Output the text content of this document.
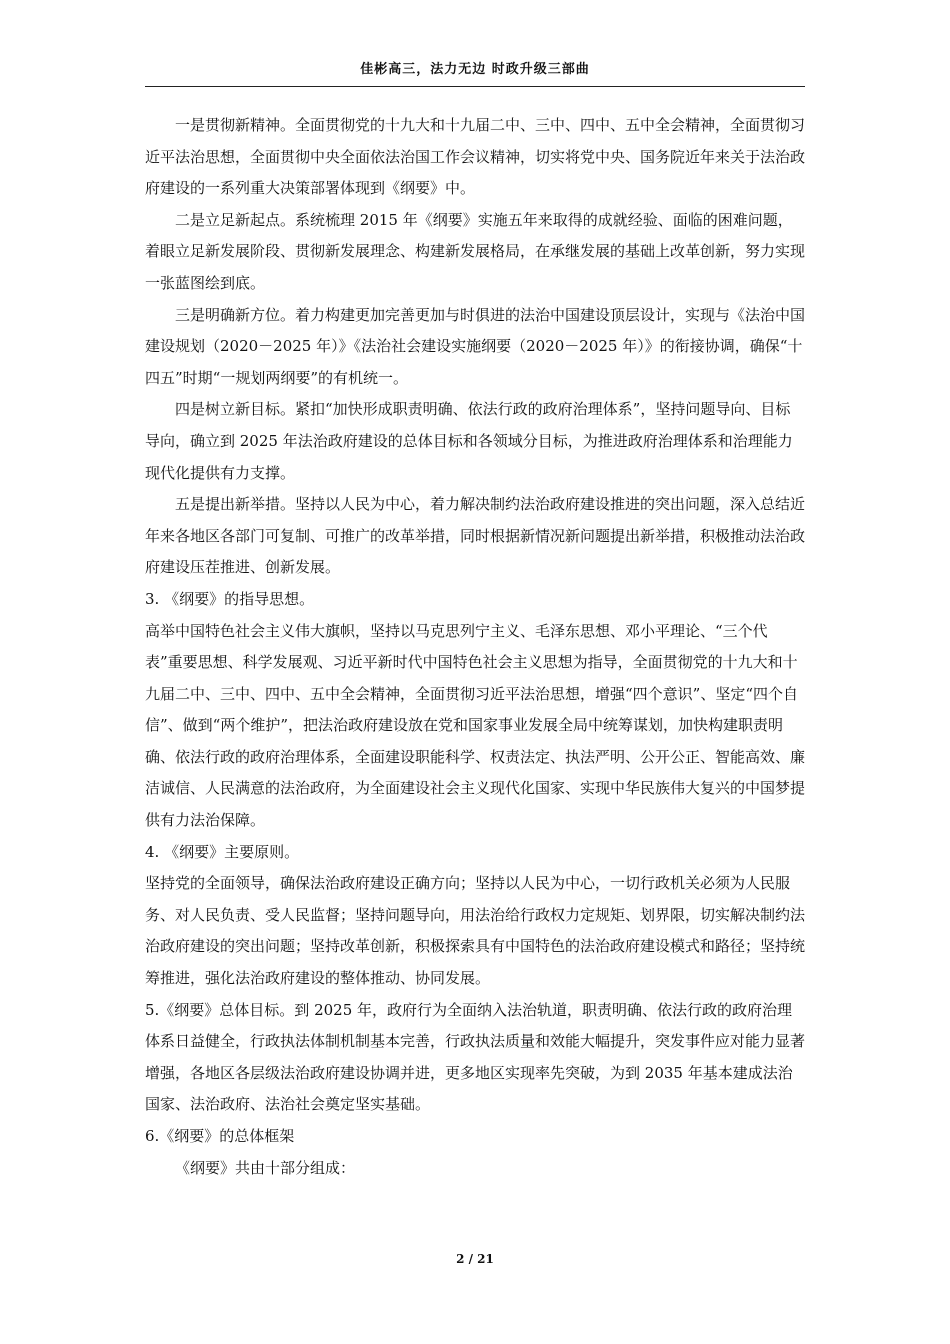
佳彬高三，法力无边 时政升级三部曲

一是贯彻新精神。全面贯彻党的十九大和十九届二中、三中、四中、五中全会精神，全面贯彻习近平法治思想，全面贯彻中央全面依法治国工作会议精神，切实将党中央、国务院近年来关于法治政府建设的一系列重大决策部署体现到《纲要》中。

二是立足新起点。系统梳理 2015 年《纲要》实施五年来取得的成就经验、面临的困难问题，着眼立足新发展阶段、贯彻新发展理念、构建新发展格局，在承继发展的基础上改革创新，努力实现一张蓝图绘到底。

三是明确新方位。着力构建更加完善更加与时俱进的法治中国建设顶层设计，实现与《法治中国建设规划（2020－2025 年）》《法治社会建设实施纲要（2020－2025 年）》的衔接协调，确保“十四五”时期“一规划两纲要”的有机统一。

四是树立新目标。紧扣“加快形成职责明确、依法行政的政府治理体系”，坚持问题导向、目标导向，确立到 2025 年法治政府建设的总体目标和各领域分目标，为推进政府治理体系和治理能力现代化提供有力支撑。

五是提出新举措。坚持以人民为中心，着力解决制约法治政府建设推进的突出问题，深入总结近年来各地区各部门可复制、可推广的改革举措，同时根据新情况新问题提出新举措，积极推动法治政府建设压茬推进、创新发展。

3. 《纲要》的指导思想。

高举中国特色社会主义伟大旗帜，坚持以马克思列宁主义、毛泽东思想、邓小平理论、“三个代表”重要思想、科学发展观、习近平新时代中国特色社会主义思想为指导，全面贯彻党的十九大和十九届二中、三中、四中、五中全会精神，全面贯彻习近平法治思想，增强“四个意识”、坚定“四个自信”、做到“两个维护”，把法治政府建设放在党和国家事业发展全局中统筹谋划，加快构建职责明确、依法行政的政府治理体系，全面建设职能科学、权责法定、执法严明、公开公正、智能高效、廉洁诚信、人民满意的法治政府，为全面建设社会主义现代化国家、实现中华民族伟大复兴的中国梦提供有力法治保障。

4. 《纲要》主要原则。

坚持党的全面领导，确保法治政府建设正确方向；坚持以人民为中心，一切行政机关必须为人民服务、对人民负责、受人民监督；坚持问题导向，用法治给行政权力定规矩、划界限，切实解决制约法治政府建设的突出问题；坚持改革创新，积极探索具有中国特色的法治政府建设模式和路径；坚持统筹推进，强化法治政府建设的整体推动、协同发展。

5.《纲要》总体目标。到 2025 年，政府行为全面纳入法治轨道，职责明确、依法行政的政府治理体系日益健全，行政执法体制机制基本完善，行政执法质量和效能大幅提升，突发事件应对能力显著增强，各地区各层级法治政府建设协调并进，更多地区实现率先突破，为到 2035 年基本建成法治国家、法治政府、法治社会奠定坚实基础。

6.《纲要》的总体框架

《纲要》共由十部分组成：

2 / 21
